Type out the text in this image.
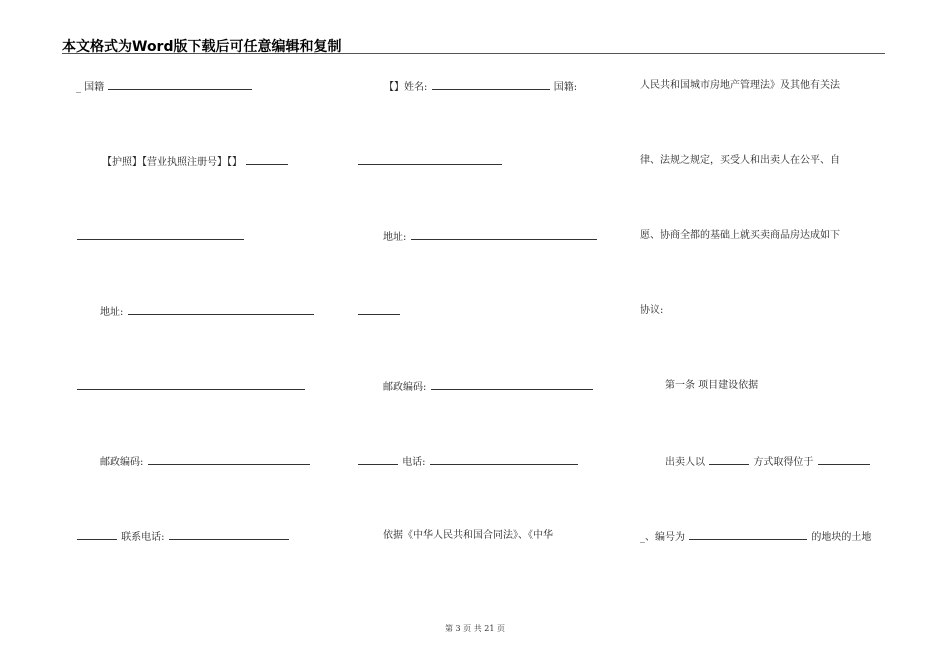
本文格式为Word版下载后可任意编辑和复制
_ 国籍
【护照】【营业执照注册号】【】
地址:
邮政编码:
联系电话:
【】姓名:	国籍:
地址:
邮政编码:
电话:
依据《中华人民共和国合同法》、《中华
人民共和国城市房地产管理法》及其他有关法
律、法规之规定，买受人和出卖人在公平、自
愿、协商全都的基础上就买卖商品房达成如下
协议:
第一条 项目建设依据
出卖人以	方式取得位于
_、编号为	的地块的土地
第 3 页 共 21 页
